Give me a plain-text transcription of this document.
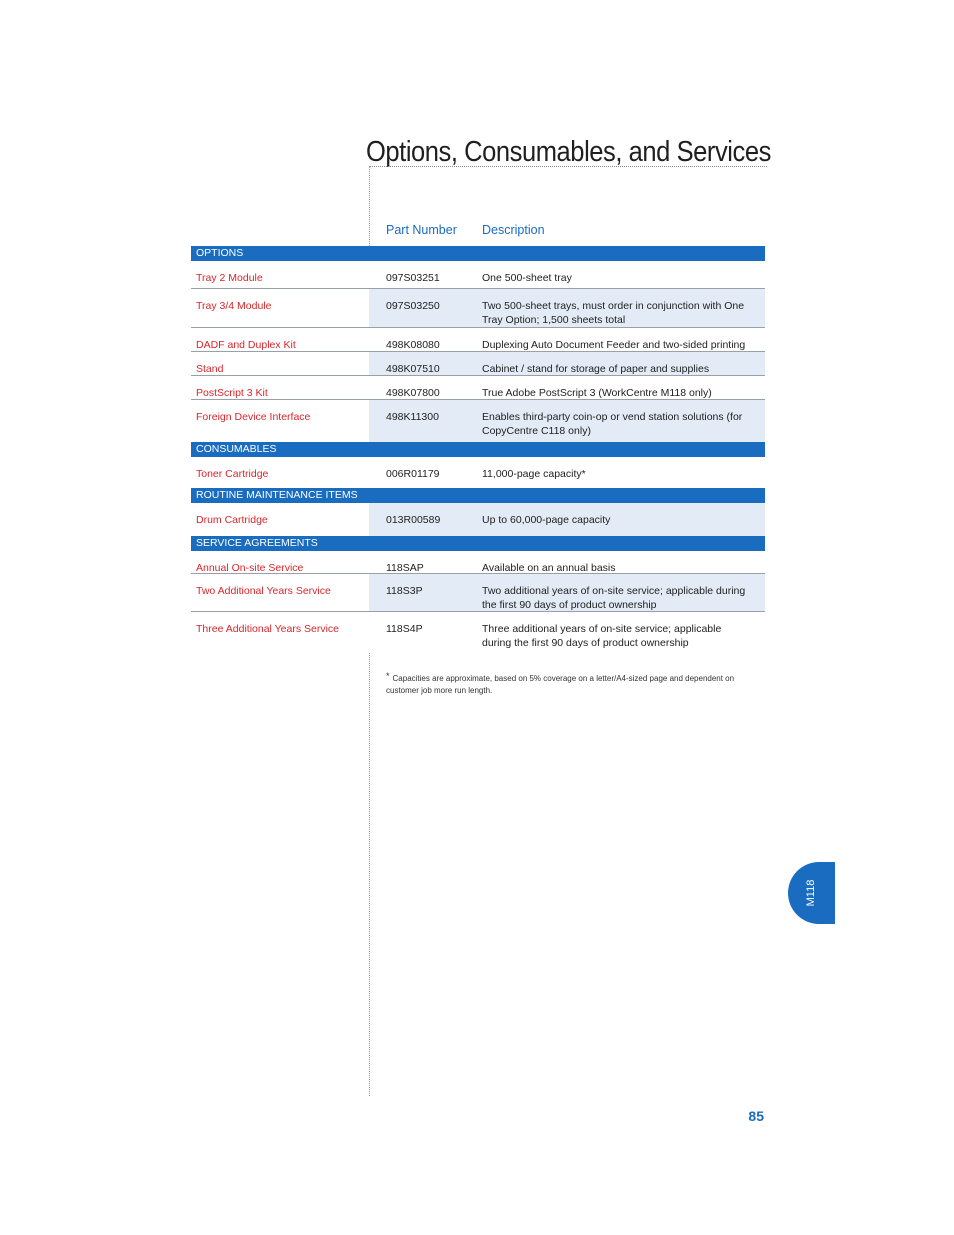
Options, Consumables, and Services
Part Number Description
OPTIONS
Tray 2 Module	097S03251	One 500-sheet tray
Tray 3/4 Module	097S03250	Two 500-sheet trays, must order in conjunction with One Tray Option; 1,500 sheets total
DADF and Duplex Kit	498K08080	Duplexing Auto Document Feeder and two-sided printing
Stand	498K07510	Cabinet / stand for storage of paper and supplies
PostScript 3 Kit	498K07800	True Adobe PostScript 3 (WorkCentre M118 only)
Foreign Device Interface	498K11300	Enables third-party coin-op or vend station solutions (for CopyCentre C118 only)
CONSUMABLES
Toner Cartridge	006R01179	11,000-page capacity*
ROUTINE MAINTENANCE ITEMS
Drum Cartridge	013R00589	Up to 60,000-page capacity
SERVICE AGREEMENTS
Annual On-site Service	118SAP	Available on an annual basis
Two Additional Years Service	118S3P	Two additional years of on-site service; applicable during the first 90 days of product ownership
Three Additional Years Service	118S4P	Three additional years of on-site service; applicable during the first 90 days of product ownership
* Capacities are approximate, based on 5% coverage on a letter/A4-sized page and dependent on customer job more run length.
M118
85
